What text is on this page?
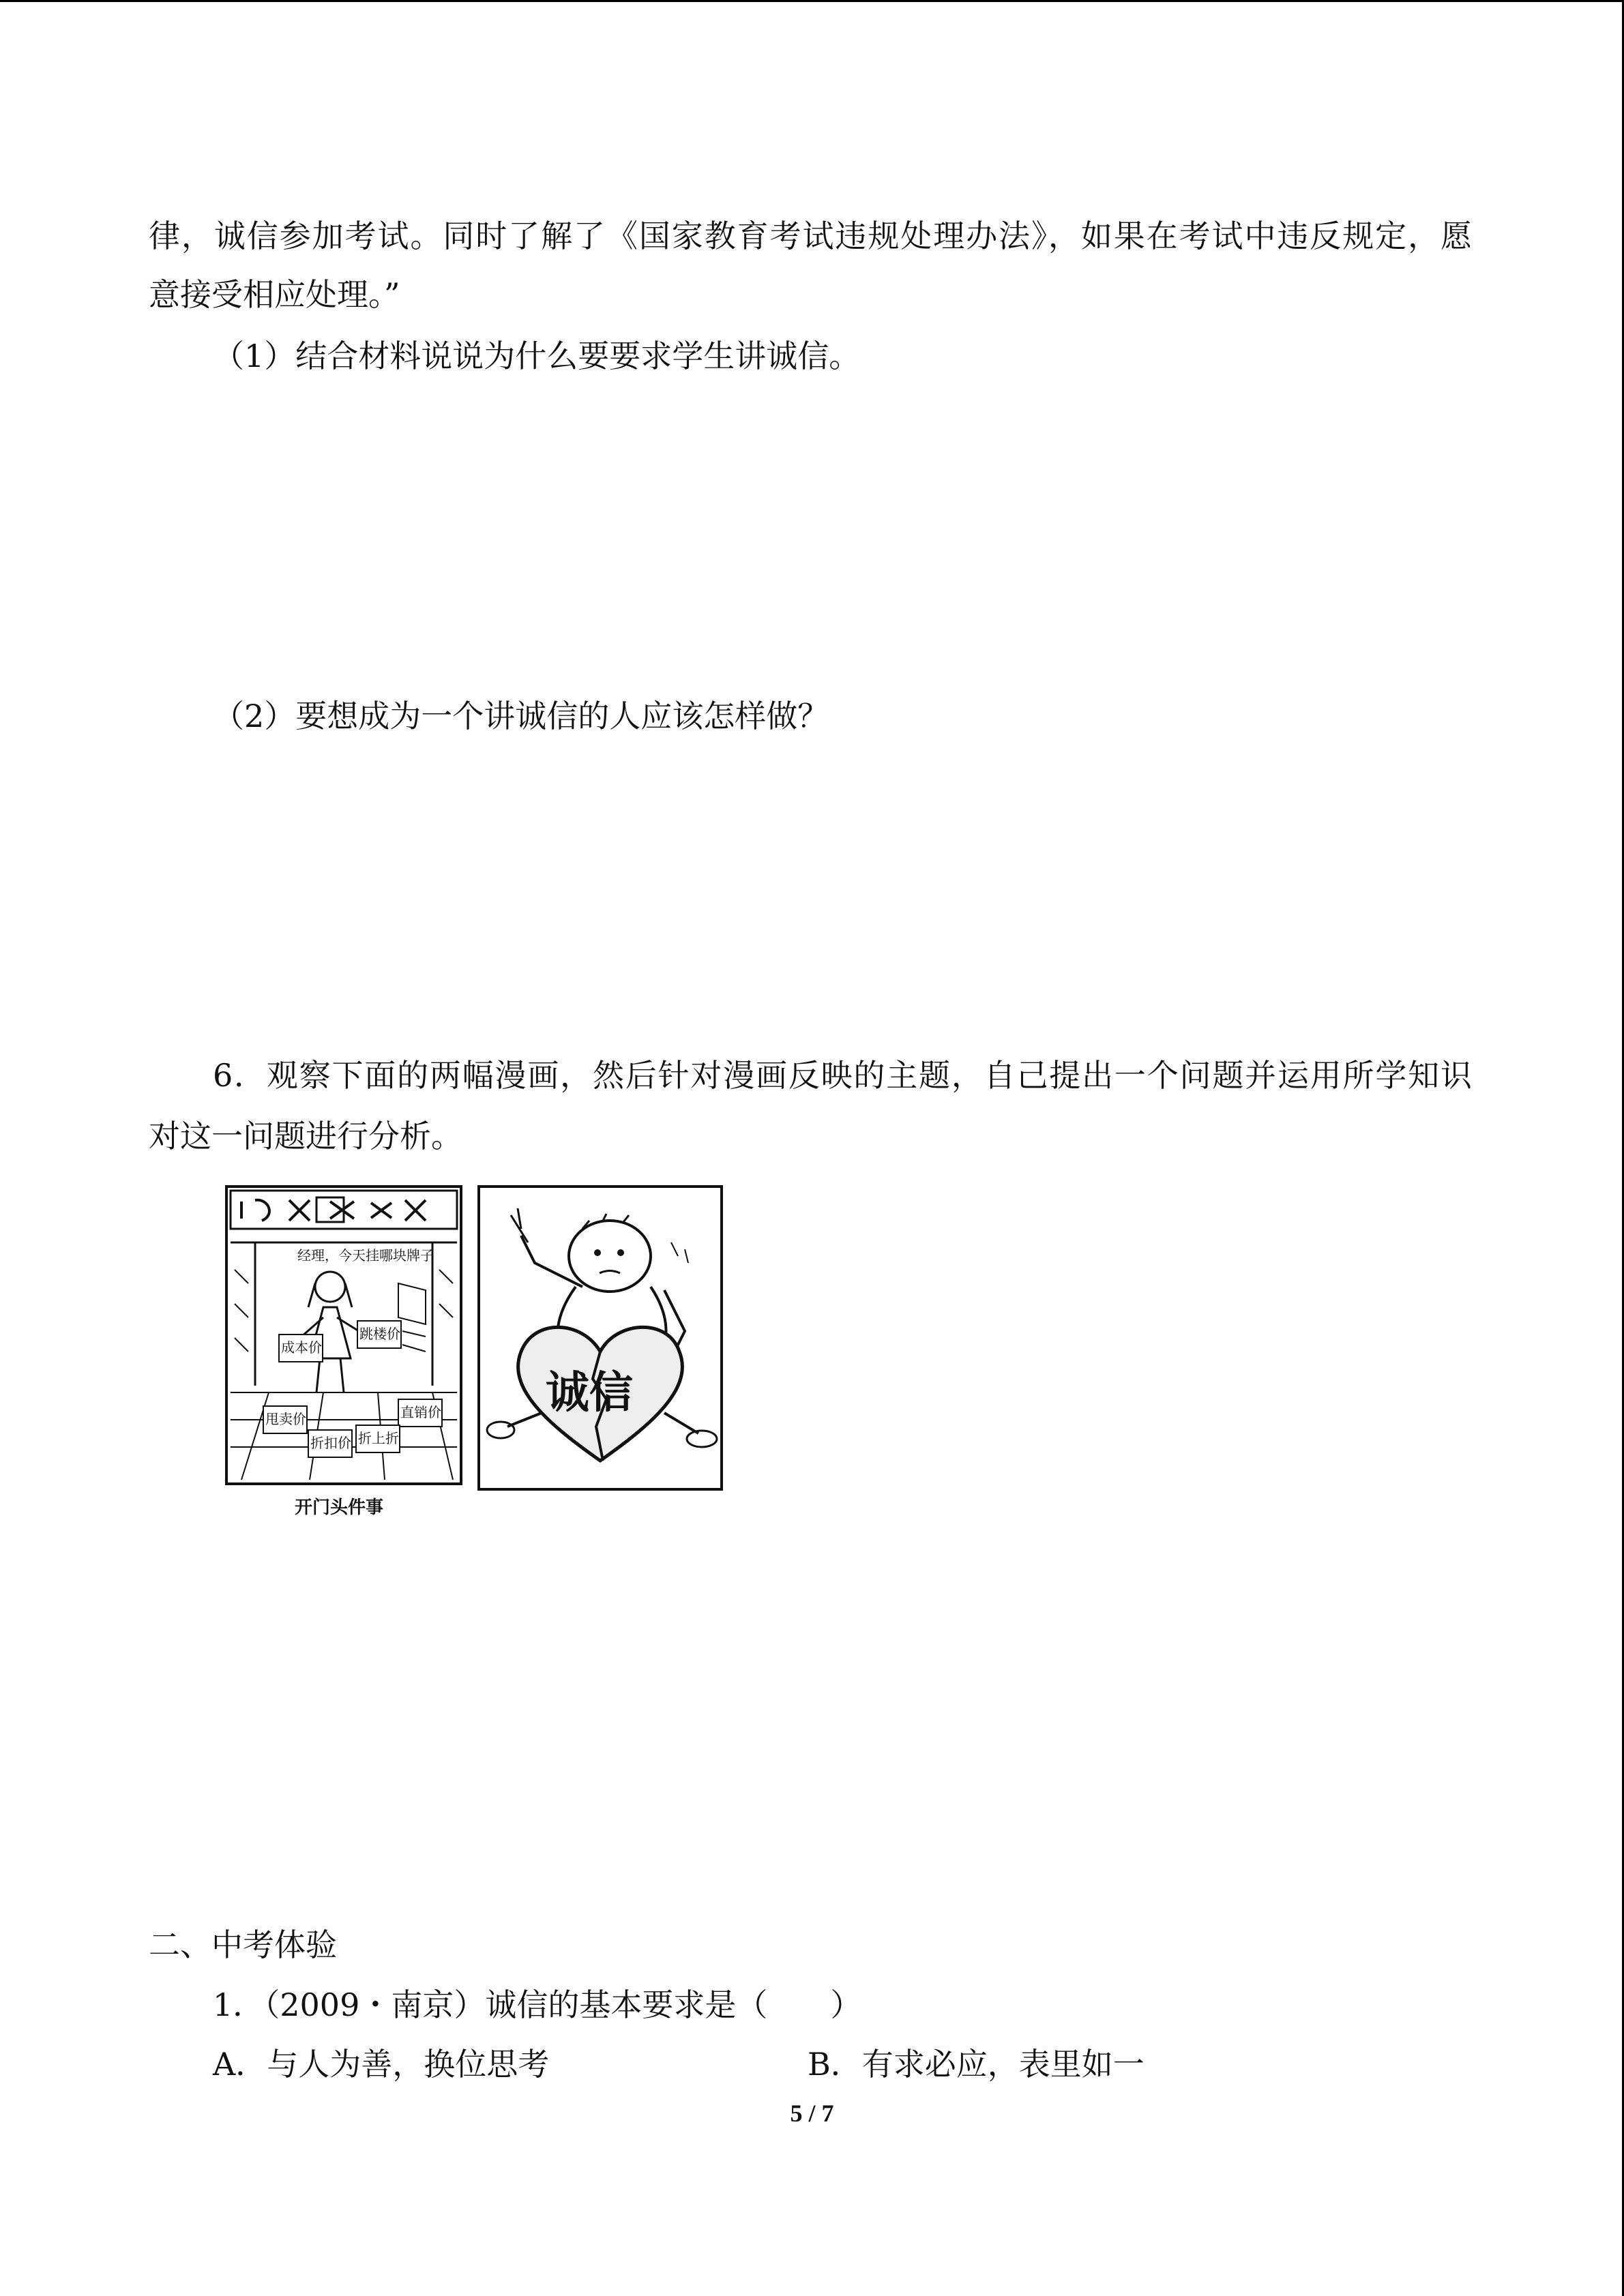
律，诚信参加考试。同时了解了《国家教育考试违规处理办法》，如果在考试中违反规定，愿
意接受相应处理。”
（1）结合材料说说为什么要要求学生讲诚信。
（2）要想成为一个讲诚信的人应该怎样做？
6．观察下面的两幅漫画，然后针对漫画反映的主题，自己提出一个问题并运用所学知识
对这一问题进行分析。
经理，今天挂哪块牌子
成本价
跳楼价
甩卖价	直销价
折扣价 折上折
开门头件事
诚信
二、中考体验
1．（2009・南京）诚信的基本要求是（　　）
A．与人为善，换位思考	B．有求必应，表里如一
5 / 7
